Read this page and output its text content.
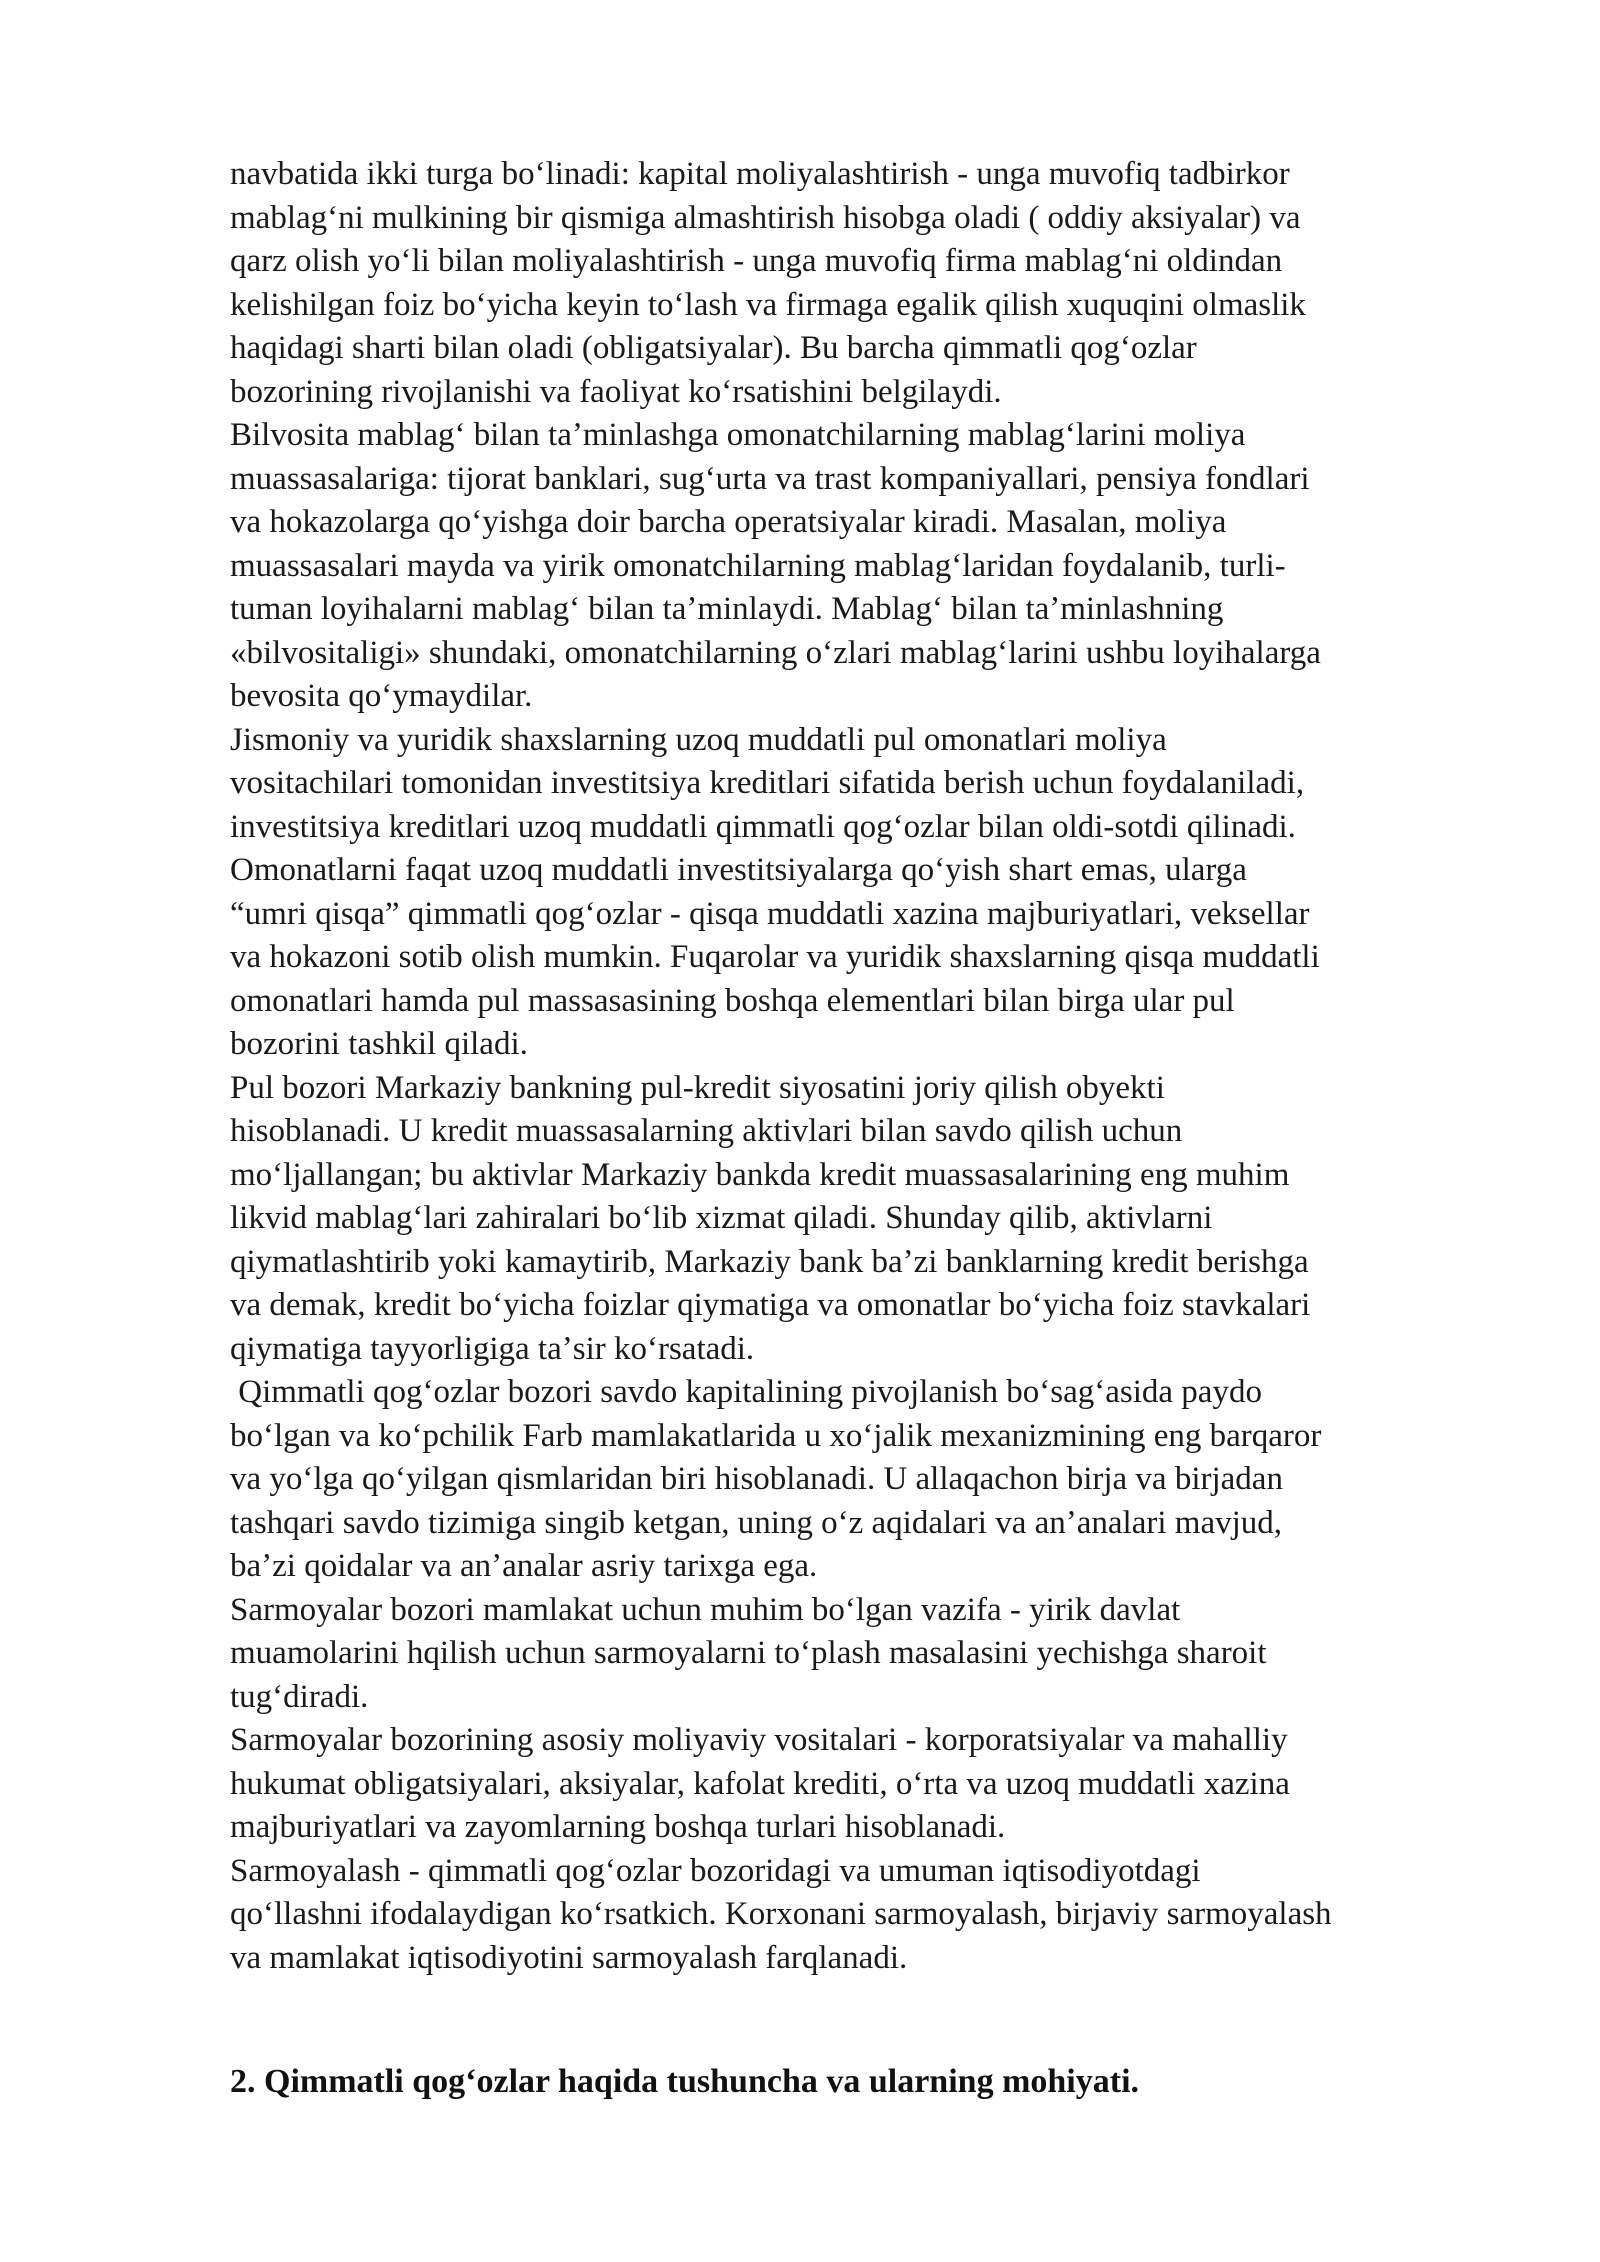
navbatida ikki turga boʻlinadi: kapital moliyalashtirish - unga muvofiq tadbirkor
mablagʻni mulkining bir qismiga almashtirish hisobga oladi ( oddiy aksiyalar) va
qarz olish yoʻli bilan moliyalashtirish - unga muvofiq firma mablagʻni oldindan
kelishilgan foiz boʻyicha keyin toʻlash va firmaga egalik qilish xuquqini olmaslik
haqidagi sharti bilan oladi (obligatsiyalar). Bu barcha qimmatli qogʻozlar
bozorining rivojlanishi va faoliyat koʻrsatishini belgilaydi.
Bilvosita mablagʻ bilan taʼminlashga omonatchilarning mablagʻlarini moliya
muassasalariga: tijorat banklari, sugʻurta va trast kompaniyallari, pensiya fondlari
va hokazolarga qoʻyishga doir barcha operatsiyalar kiradi. Masalan, moliya
muassasalari mayda va yirik omonatchilarning mablagʻlaridan foydalanib, turli-
tuman loyihalarni mablagʻ bilan taʼminlaydi. Mablagʻ bilan taʼminlashning
«bilvositaligi» shundaki, omonatchilarning oʻzlari mablagʻlarini ushbu loyihalarga
bevosita qoʻymaydilar.
Jismoniy va yuridik shaxslarning uzoq muddatli pul omonatlari moliya
vositachilari tomonidan investitsiya kreditlari sifatida berish uchun foydalaniladi,
investitsiya kreditlari uzoq muddatli qimmatli qogʻozlar bilan oldi-sotdi qilinadi.
Omonatlarni faqat uzoq muddatli investitsiyalarga qoʻyish shart emas, ularga
“umri qisqa” qimmatli qogʻozlar - qisqa muddatli xazina majburiyatlari, veksellar
va hokazoni sotib olish mumkin. Fuqarolar va yuridik shaxslarning qisqa muddatli
omonatlari hamda pul massasasining boshqa elementlari bilan birga ular pul
bozorini tashkil qiladi.
Pul bozori Markaziy bankning pul-kredit siyosatini joriy qilish obyekti
hisoblanadi. U kredit muassasalarning aktivlari bilan savdo qilish uchun
moʻljallangan; bu aktivlar Markaziy bankda kredit muassasalarining eng muhim
likvid mablagʻlari zahiralari boʻlib xizmat qiladi. Shunday qilib, aktivlarni
qiymatlashtirib yoki kamaytirib, Markaziy bank baʼzi banklarning kredit berishga
va demak, kredit boʻyicha foizlar qiymatiga va omonatlar boʻyicha foiz stavkalari
qiymatiga tayyorligiga taʼsir koʻrsatadi.
Qimmatli qogʻozlar bozori savdo kapitalining pivojlanish boʻsagʻasida paydo
boʻlgan va koʻpchilik Farb mamlakatlarida u xoʻjalik mexanizmining eng barqaror
va yoʻlga qoʻyilgan qismlaridan biri hisoblanadi. U allaqachon birja va birjadan
tashqari savdo tizimiga singib ketgan, uning oʻz aqidalari va anʼanalari mavjud,
baʼzi qoidalar va anʼanalar asriy tarixga ega.
Sarmoyalar bozori mamlakat uchun muhim boʻlgan vazifa - yirik davlat
muamolarini hqilish uchun sarmoyalarni toʻplash masalasini yechishga sharoit
tugʻdiradi.
Sarmoyalar bozorining asosiy moliyaviy vositalari - korporatsiyalar va mahalliy
hukumat obligatsiyalari, aksiyalar, kafolat krediti, oʻrta va uzoq muddatli xazina
majburiyatlari va zayomlarning boshqa turlari hisoblanadi.
Sarmoyalash - qimmatli qogʻozlar bozoridagi va umuman iqtisodiyotdagi
qoʻllashni ifodalaydigan koʻrsatkich. Korxonani sarmoyalash, birjaviy sarmoyalash
va mamlakat iqtisodiyotini sarmoyalash farqlanadi.
2. Qimmatli qogʻozlar haqida tushuncha va ularning mohiyati.
